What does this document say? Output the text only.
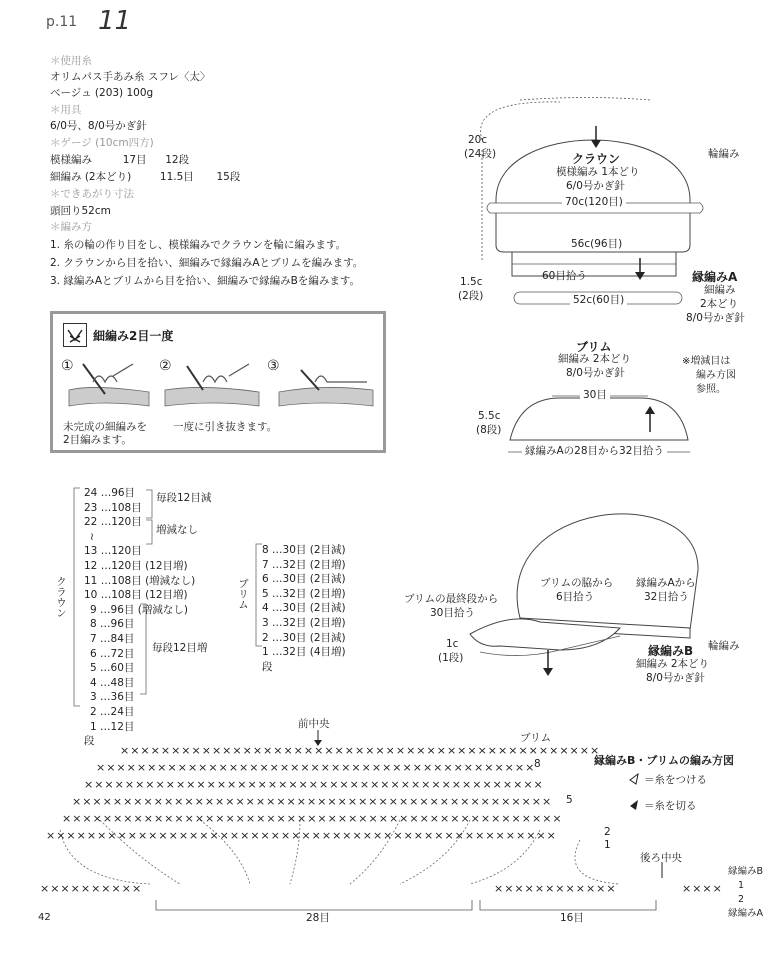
p.11 11
＊使用糸
オリムパス手あみ糸 スフレ〈太〉
ベージュ (203) 100g
＊用具
6/0号、8/0号かぎ針
＊ゲージ (10cm四方)
模様編み	17目 12段
細編み (2本どり)	11.5目 15段
＊できあがり寸法
頭回り52cm
＊編み方
1. 糸の輪の作り目をし、模様編みでクラウンを輪に編みます。
2. クラウンから目を拾い、細編みで縁編みAとブリムを編みます。
3. 縁編みAとブリムから目を拾い、細編みで縁編みBを編みます。
細編み2目一度
①	②	③
未完成の細編みを
2目編みます。
一度に引き抜きます。
20c
(24段)	クラウン
模様編み 1本どり
6/0号かぎ針
輪編み
70c(120目)
56c(96目)
60目拾う
1.5c
(2段)	52c(60目)
縁編みA
細編み
2本どり
8/0号かぎ針
ブリム
細編み 2本どり
8/0号かぎ針
30目
5.5c
(8段)
縁編みAの28目から32目拾う
※増減目は
編み方図
参照。
クラウン
24 …96目
23 …108目
22 …120目
≀
13 …120目
12 …120目 (12目増)
11 …108目 (増減なし)
10 …108目 (12目増)
9 …96目 (増減なし)
8 …96目
7 …84目
6 …72目
5 …60目
4 …48目
3 …36目
2 …24目
1 …12目
段
毎段12目減
増減なし
毎段12目増
ブリム
8 …30目 (2目減)
7 …32目 (2目増)
6 …30目 (2目減)
5 …32目 (2目増)
4 …30目 (2目減)
3 …32目 (2目増)
2 …30目 (2目減)
1 …32目 (4目増)
段
ブリムの脇から
6目拾う
縁編みAから
32目拾う
ブリムの最終段から
30目拾う
輪編み
1c
(1段)	縁編みB
細編み 2本どり
8/0号かぎ針
前中央
縁編みB・ブリムの編み方図
ブリム
＝糸をつける
＝糸を切る
後ろ中央
8
5
2
1
28目	16目
縁編みB
1
2
縁編みA
×××××××××××××××××××××××××××××××××××××××××××××××
×××××××××××××××××××××××××××××××××××××××××××
×××××××××××××××××××××××××××××××××××××××××××××
×××××××××××××××××××××××××××××××××××××××××××××××
×××××××××××××××××××××××××××××××××××××××××××××××××
××××××××××××××××××××××××××××××××××××××××××××××××××
××××××××××	××××××××××××	××××
42
